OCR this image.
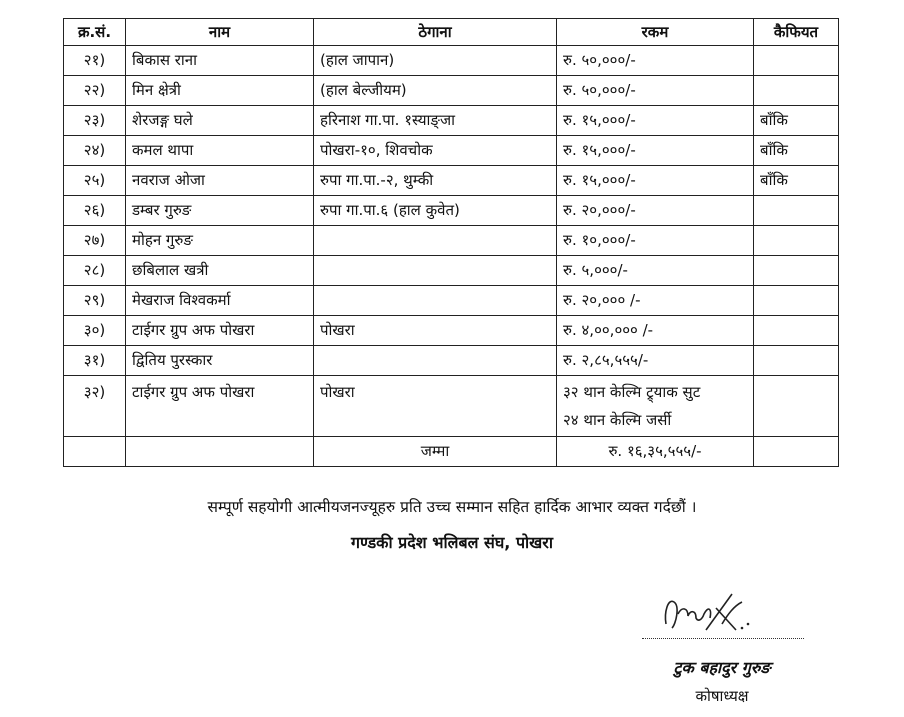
क्र.सं.	नाम	ठेगाना	रकम	कैफियत
२१)	बिकास राना	(हाल जापान)	रु. ५०,०००/-	
२२)	मिन क्षेत्री	(हाल बेल्जीयम)	रु. ५०,०००/-	
२३)	शेरजङ्ग घले	हरिनाश गा.पा. १स्याङ्जा	रु. १५,०००/-	बाँकि
२४)	कमल थापा	पोखरा-१०, शिवचोक	रु. १५,०००/-	बाँकि
२५)	नवराज ओजा	रुपा गा.पा.-२, थुम्की	रु. १५,०००/-	बाँकि
२६)	डम्बर गुरुङ	रुपा गा.पा.६ (हाल कुवेत)	रु. २०,०००/-	
२७)	मोहन गुरुङ		रु. १०,०००/-	
२८)	छबिलाल खत्री		रु. ५,०००/-	
२९)	मेखराज विश्वकर्मा		रु. २०,००० /-	
३०)	टाईगर ग्रुप अफ पोखरा	पोखरा	रु. ४,००,००० /-	
३१)	द्वितिय पुरस्कार		रु. २,८५,५५५/-	
३२)	टाईगर ग्रुप अफ पोखरा	पोखरा	३२ थान केल्मि ट्र्याक सुट
२४ थान केल्मि जर्सी	

		जम्मा	रु. १६,३५,५५५/-	
सम्पूर्ण सहयोगी आत्मीयजनज्यूहरु प्रति उच्च सम्मान सहित हार्दिक आभार व्यक्त गर्दछौं ।
गण्डकी प्रदेश भलिबल संघ, पोखरा
टुक बहादुर गुरुङ
कोषाध्यक्ष
